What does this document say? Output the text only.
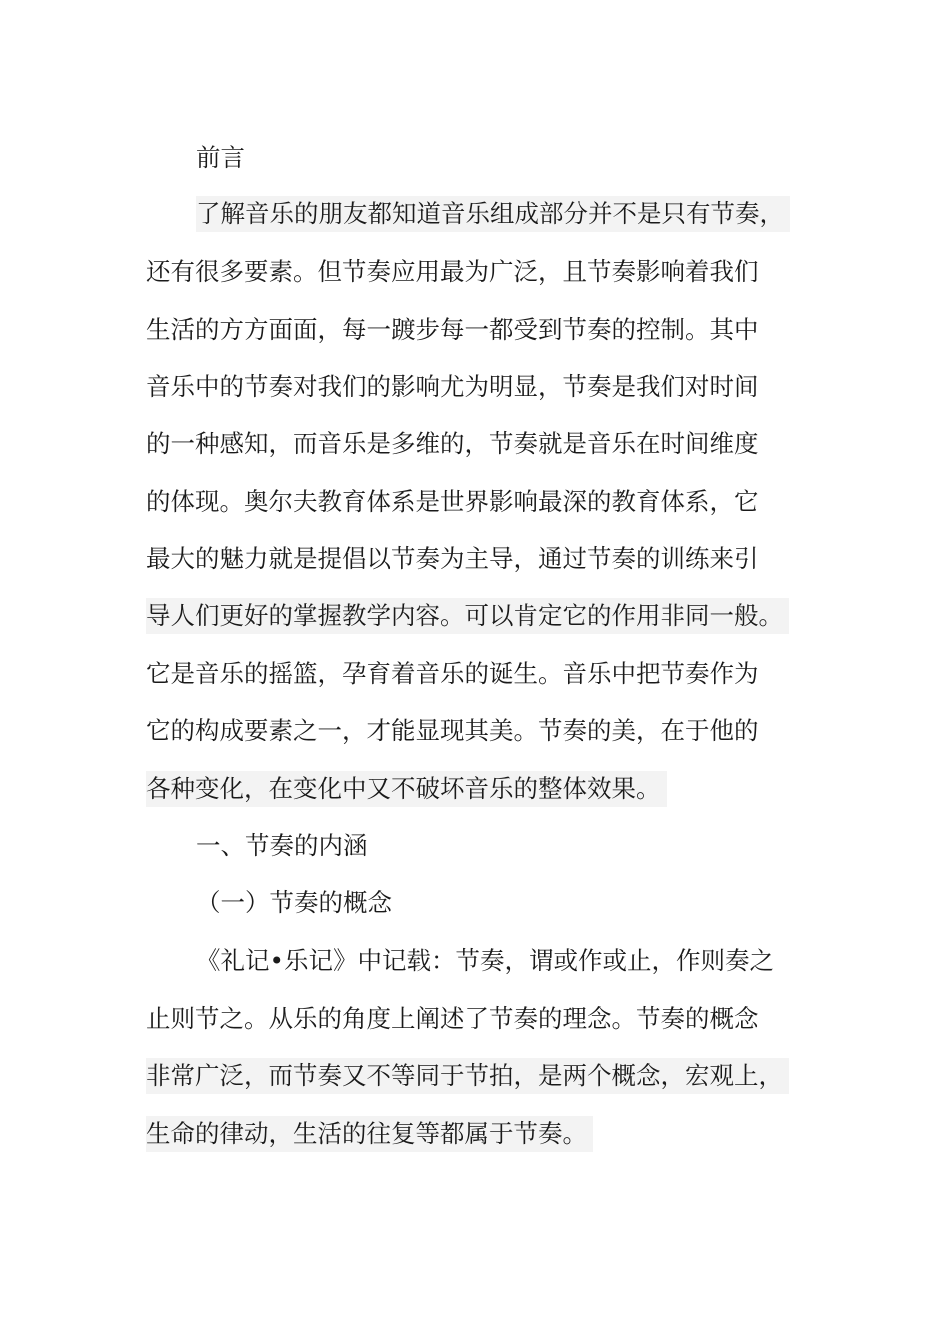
前言
了解音乐的朋友都知道音乐组成部分并不是只有节奏，
还有很多要素。但节奏应用最为广泛，且节奏影响着我们
生活的方方面面，每一踱步每一都受到节奏的控制。其中
音乐中的节奏对我们的影响尤为明显，节奏是我们对时间
的一种感知，而音乐是多维的，节奏就是音乐在时间维度
的体现。奥尔夫教育体系是世界影响最深的教育体系，它
最大的魅力就是提倡以节奏为主导，通过节奏的训练来引
导人们更好的掌握教学内容。可以肯定它的作用非同一般。
它是音乐的摇篮，孕育着音乐的诞生。音乐中把节奏作为
它的构成要素之一，才能显现其美。节奏的美，在于他的
各种变化，在变化中又不破坏音乐的整体效果。
一、节奏的内涵
（一）节奏的概念
《礼记•乐记》中记载：节奏，谓或作或止，作则奏之
止则节之。从乐的角度上阐述了节奏的理念。节奏的概念
非常广泛，而节奏又不等同于节拍，是两个概念，宏观上，
生命的律动，生活的往复等都属于节奏。
